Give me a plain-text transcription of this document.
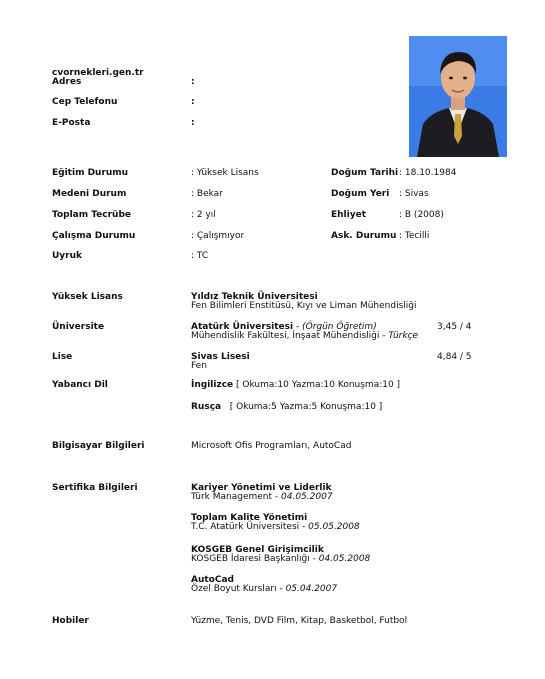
cvornekleri.gen.tr
Adres	:
Cep Telefonu	:
E-Posta	:
Eğitim Durumu	: Yüksek Lisans
Medeni Durum	: Bekar
Toplam Tecrübe	: 2 yıl
Çalışma Durumu	: Çalışmıyor
Uyruk	: TC
Doğum Tarihi : 18.10.1984
Doğum Yeri : Sivas
Ehliyet	: B (2008)
Ask. Durumu : Tecilli
Yüksek Lisans	Yıldız Teknik Üniversitesi
Fen Bilimleri Enstitüsü, Kıyı ve Liman Mühendisliği
Üniversite	Atatürk Üniversitesi - (Örgün Öğretim)
Mühendislik Fakültesi, İnşaat Mühendisliği - Türkçe
3,45 / 4
Lise	Sivas Lisesi
Fen
4,84 / 5
Yabancı Dil	İngilizce [ Okuma:10 Yazma:10 Konuşma:10 ]
Rusça [ Okuma:5 Yazma:5 Konuşma:10 ]
Bilgisayar Bilgileri	Microsoft Ofis Programları, AutoCad
Sertifika Bilgileri	Kariyer Yönetimi ve Liderlik
Türk Management - 04.05.2007
Toplam Kalite Yönetimi
T.C. Atatürk Üniversitesi - 05.05.2008
KOSGEB Genel Girişimcilik
KOSGEB İdaresi Başkanlığı - 04.05.2008
AutoCad
Özel Boyut Kursları - 05.04.2007
Hobiler	Yüzme, Tenis, DVD Film, Kitap, Basketbol, Futbol
